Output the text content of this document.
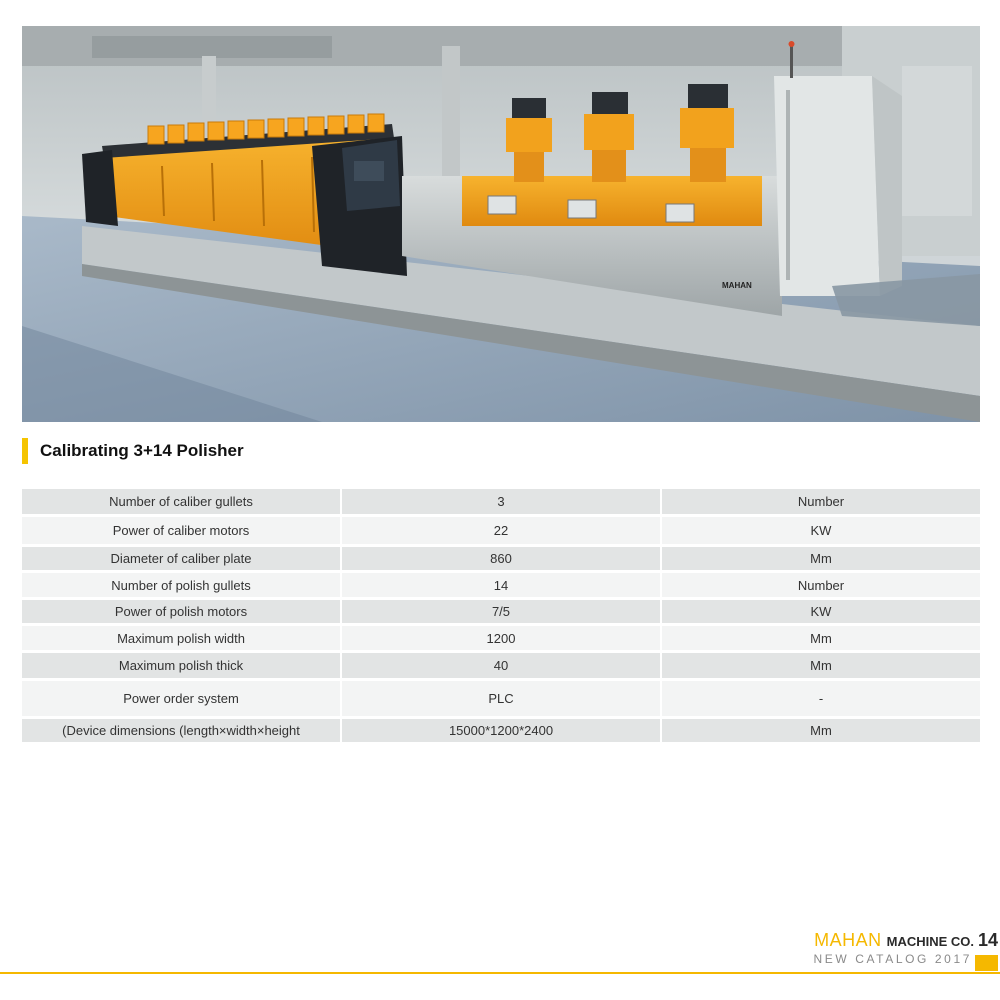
MAHAN
Calibrating 3+14 Polisher
Number of caliber gullets	3	Number
Power of caliber motors	22	KW
Diameter of caliber plate	860	Mm
Number of polish gullets	14	Number
Power of polish motors	7/5	KW
Maximum polish width	1200	Mm
Maximum polish thick	40	Mm
Power order system	PLC	-
(Device dimensions (length×width×height	15000*1200*2400	Mm
MAHAN MACHINE CO.
NEW CATALOG 2017
14
